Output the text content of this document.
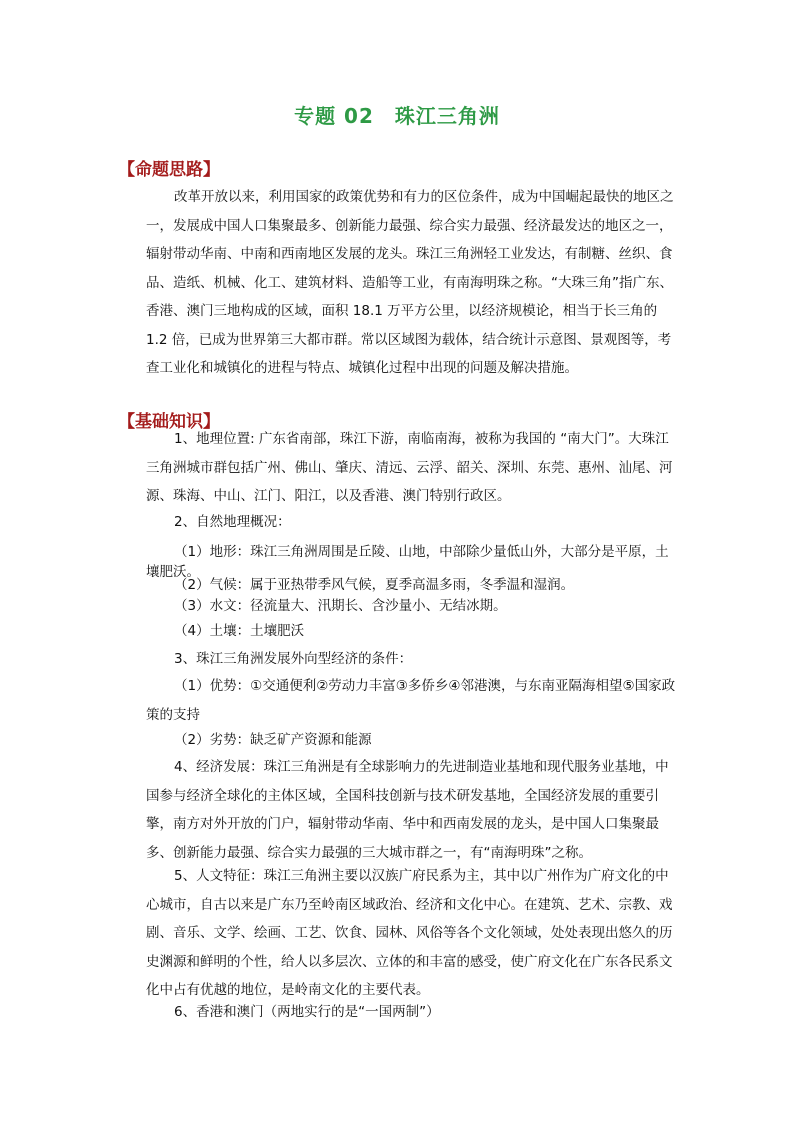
专题 02　珠江三角洲
【命题思路】

改革开放以来，利用国家的政策优势和有力的区位条件，成为中国崛起最快的地区之一，发展成中国人口集聚最多、创新能力最强、综合实力最强、经济最发达的地区之一，辐射带动华南、中南和西南地区发展的龙头。珠江三角洲轻工业发达，有制糖、丝织、食品、造纸、机械、化工、建筑材料、造船等工业，有南海明珠之称。“大珠三角”指广东、香港、澳门三地构成的区域，面积 18.1 万平方公里，以经济规模论，相当于长三角的 1.2 倍，已成为世界第三大都市群。常以区域图为载体，结合统计示意图、景观图等，考查工业化和城镇化的进程与特点、城镇化过程中出现的问题及解决措施。

【基础知识】

1、地理位置: 广东省南部，珠江下游，南临南海，被称为我国的 “南大门”。大珠江三角洲城市群包括广州、佛山、肇庆、清远、云浮、韶关、深圳、东莞、惠州、汕尾、河源、珠海、中山、江门、阳江，以及香港、澳门特别行政区。

2、自然地理概况：

（1）地形：珠江三角洲周围是丘陵、山地，中部除少量低山外，大部分是平原，土壤肥沃。

（2）气候：属于亚热带季风气候，夏季高温多雨，冬季温和湿润。

（3）水文：径流量大、汛期长、含沙量小、无结冰期。

（4）土壤：土壤肥沃

3、珠江三角洲发展外向型经济的条件：

（1）优势：①交通便利②劳动力丰富③多侨乡④邻港澳，与东南亚隔海相望⑤国家政策的支持

（2）劣势：缺乏矿产资源和能源

4、经济发展：珠江三角洲是有全球影响力的先进制造业基地和现代服务业基地，中国参与经济全球化的主体区域，全国科技创新与技术研发基地，全国经济发展的重要引擎，南方对外开放的门户，辐射带动华南、华中和西南发展的龙头，是中国人口集聚最多、创新能力最强、综合实力最强的三大城市群之一，有“南海明珠”之称。

5、人文特征：珠江三角洲主要以汉族广府民系为主，其中以广州作为广府文化的中心城市，自古以来是广东乃至岭南区域政治、经济和文化中心。在建筑、艺术、宗教、戏剧、音乐、文学、绘画、工艺、饮食、园林、风俗等各个文化领域，处处表现出悠久的历史渊源和鲜明的个性，给人以多层次、立体的和丰富的感受，使广府文化在广东各民系文化中占有优越的地位，是岭南文化的主要代表。

6、香港和澳门（两地实行的是“一国两制”）
